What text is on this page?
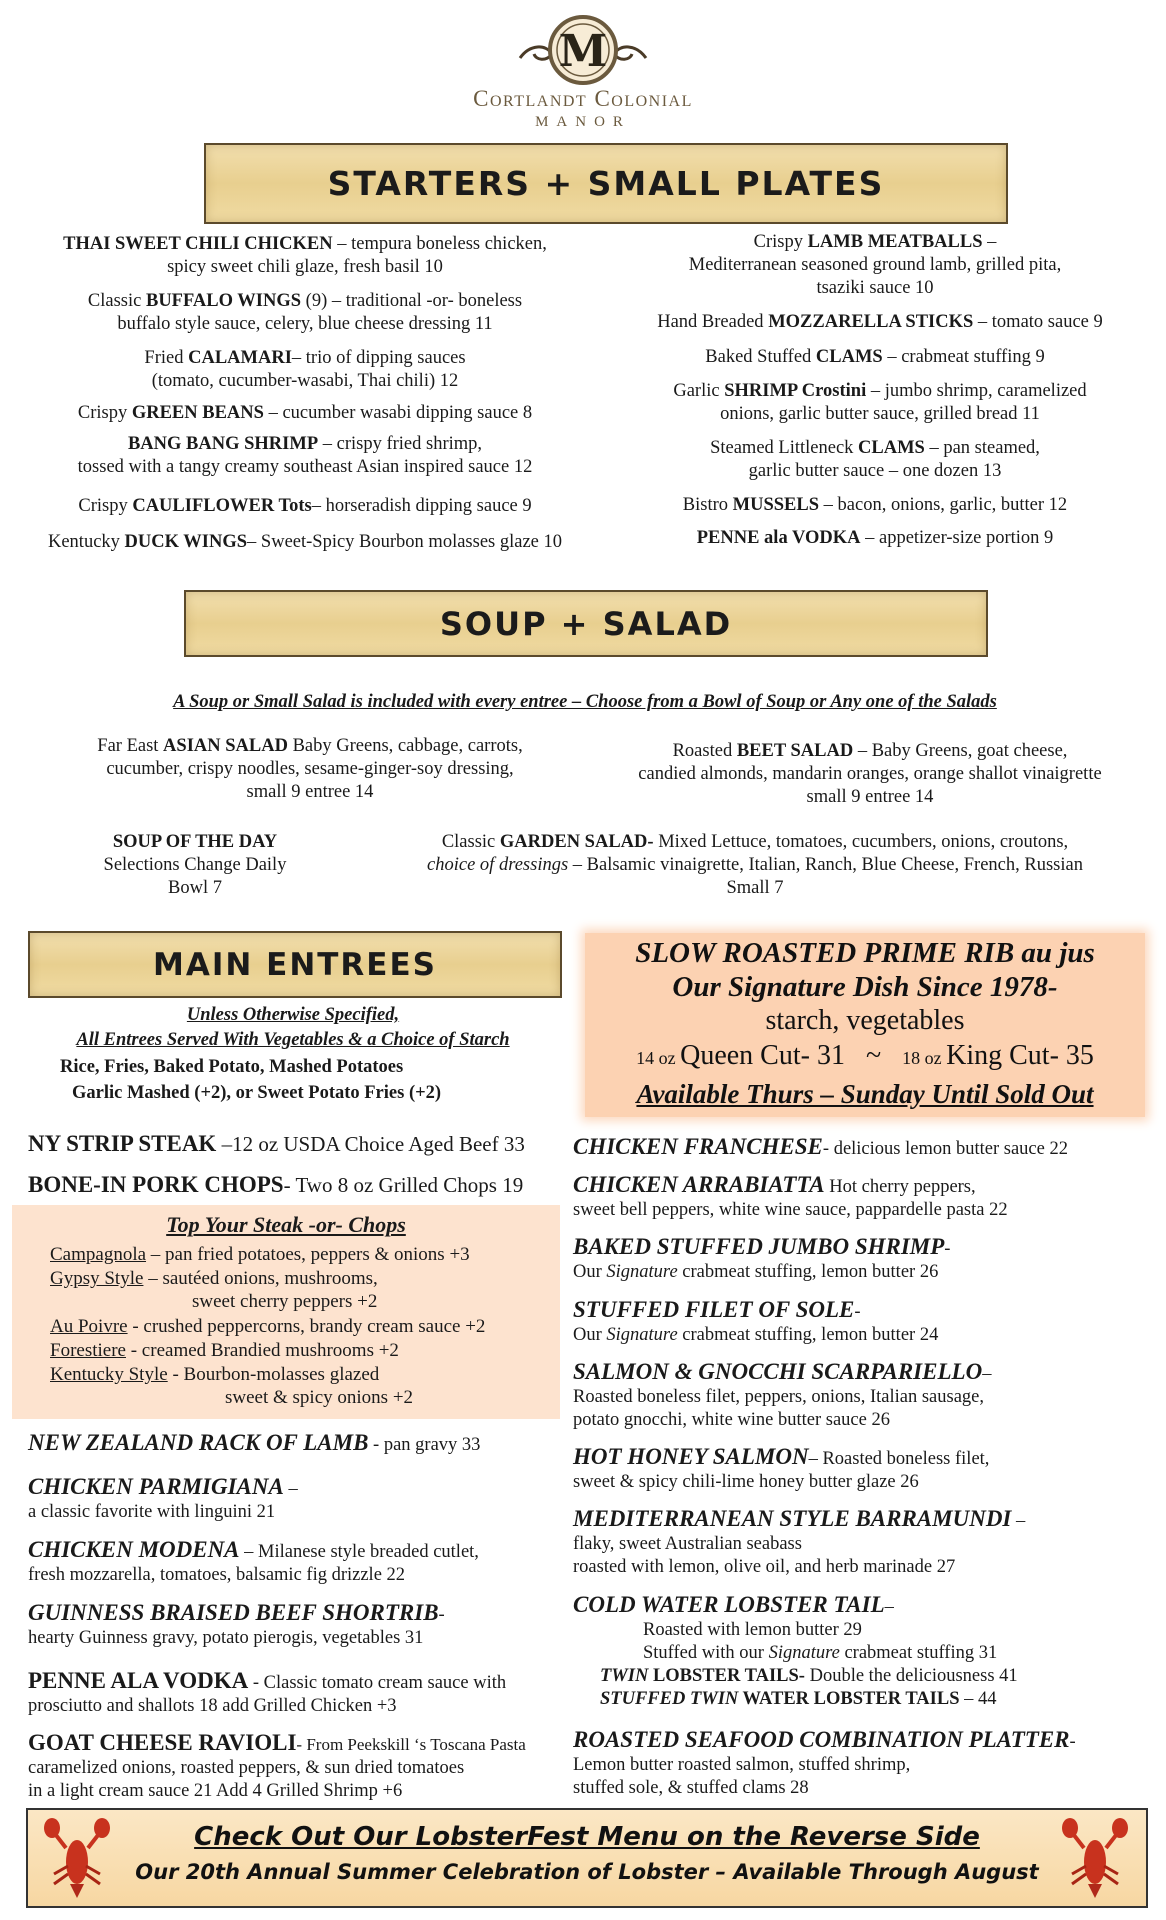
M
Cortlandt Colonial
MANOR
STARTERS + SMALL PLATES
THAI SWEET CHILI CHICKEN – tempura boneless chicken,
spicy sweet chili glaze, fresh basil 10
Classic BUFFALO WINGS (9) – traditional -or- boneless
buffalo style sauce, celery, blue cheese dressing 11
Fried CALAMARI– trio of dipping sauces
(tomato, cucumber-wasabi, Thai chili) 12
Crispy GREEN BEANS – cucumber wasabi dipping sauce 8
BANG BANG SHRIMP – crispy fried shrimp,
tossed with a tangy creamy southeast Asian inspired sauce 12
Crispy CAULIFLOWER Tots– horseradish dipping sauce 9
Kentucky DUCK WINGS– Sweet-Spicy Bourbon molasses glaze 10
Crispy LAMB MEATBALLS –
Mediterranean seasoned ground lamb, grilled pita,
tsaziki sauce 10
Hand Breaded MOZZARELLA STICKS – tomato sauce 9
Baked Stuffed CLAMS – crabmeat stuffing 9
Garlic SHRIMP Crostini – jumbo shrimp, caramelized
onions, garlic butter sauce, grilled bread 11
Steamed Littleneck CLAMS – pan steamed,
garlic butter sauce – one dozen 13
Bistro MUSSELS – bacon, onions, garlic, butter 12
PENNE ala VODKA – appetizer-size portion 9
SOUP + SALAD
A Soup or Small Salad is included with every entree – Choose from a Bowl of Soup or Any one of the Salads
Far East ASIAN SALAD Baby Greens, cabbage, carrots,
cucumber, crispy noodles, sesame-ginger-soy dressing,
small 9 entree 14
Roasted BEET SALAD – Baby Greens, goat cheese,
candied almonds, mandarin oranges, orange shallot vinaigrette
small 9 entree 14
SOUP OF THE DAY
Selections Change Daily
Bowl 7
Classic GARDEN SALAD- Mixed Lettuce, tomatoes, cucumbers, onions, croutons,
choice of dressings – Balsamic vinaigrette, Italian, Ranch, Blue Cheese, French, Russian
Small 7
MAIN ENTREES
Unless Otherwise Specified,
All Entrees Served With Vegetables & a Choice of Starch
Rice, Fries, Baked Potato, Mashed Potatoes
Garlic Mashed (+2), or Sweet Potato Fries (+2)
SLOW ROASTED PRIME RIB au jus
Our Signature Dish Since 1978-
starch, vegetables
14 oz Queen Cut- 31 ~ 18 oz King Cut- 35
Available Thurs – Sunday Until Sold Out
NY STRIP STEAK –12 oz USDA Choice Aged Beef 33
BONE-IN PORK CHOPS- Two 8 oz Grilled Chops 19
Top Your Steak -or- Chops
Campagnola – pan fried potatoes, peppers & onions +3
Gypsy Style – sautéed onions, mushrooms,
sweet cherry peppers +2
Au Poivre - crushed peppercorns, brandy cream sauce +2
Forestiere - creamed Brandied mushrooms +2
Kentucky Style - Bourbon-molasses glazed
sweet & spicy onions +2
NEW ZEALAND RACK OF LAMB - pan gravy 33
CHICKEN PARMIGIANA –
a classic favorite with linguini 21
CHICKEN MODENA – Milanese style breaded cutlet,
fresh mozzarella, tomatoes, balsamic fig drizzle 22
GUINNESS BRAISED BEEF SHORTRIB-
hearty Guinness gravy, potato pierogis, vegetables 31
PENNE ALA VODKA - Classic tomato cream sauce with
prosciutto and shallots 18 add Grilled Chicken +3
GOAT CHEESE RAVIOLI- From Peekskill ‘s Toscana Pasta
caramelized onions, roasted peppers, & sun dried tomatoes
in a light cream sauce 21 Add 4 Grilled Shrimp +6
CHICKEN FRANCHESE- delicious lemon butter sauce 22
CHICKEN ARRABIATTA Hot cherry peppers,
sweet bell peppers, white wine sauce, pappardelle pasta 22
BAKED STUFFED JUMBO SHRIMP-
Our Signature crabmeat stuffing, lemon butter 26
STUFFED FILET OF SOLE-
Our Signature crabmeat stuffing, lemon butter 24
SALMON & GNOCCHI SCARPARIELLO–
Roasted boneless filet, peppers, onions, Italian sausage,
potato gnocchi, white wine butter sauce 26
HOT HONEY SALMON– Roasted boneless filet,
sweet & spicy chili-lime honey butter glaze 26
MEDITERRANEAN STYLE BARRAMUNDI –
flaky, sweet Australian seabass
roasted with lemon, olive oil, and herb marinade 27
COLD WATER LOBSTER TAIL–
Roasted with lemon butter 29
Stuffed with our Signature crabmeat stuffing 31
TWIN LOBSTER TAILS- Double the deliciousness 41
STUFFED TWIN WATER LOBSTER TAILS – 44
ROASTED SEAFOOD COMBINATION PLATTER-
Lemon butter roasted salmon, stuffed shrimp,
stuffed sole, & stuffed clams 28
Check Out Our LobsterFest Menu on the Reverse Side
Our 20th Annual Summer Celebration of Lobster – Available Through August
